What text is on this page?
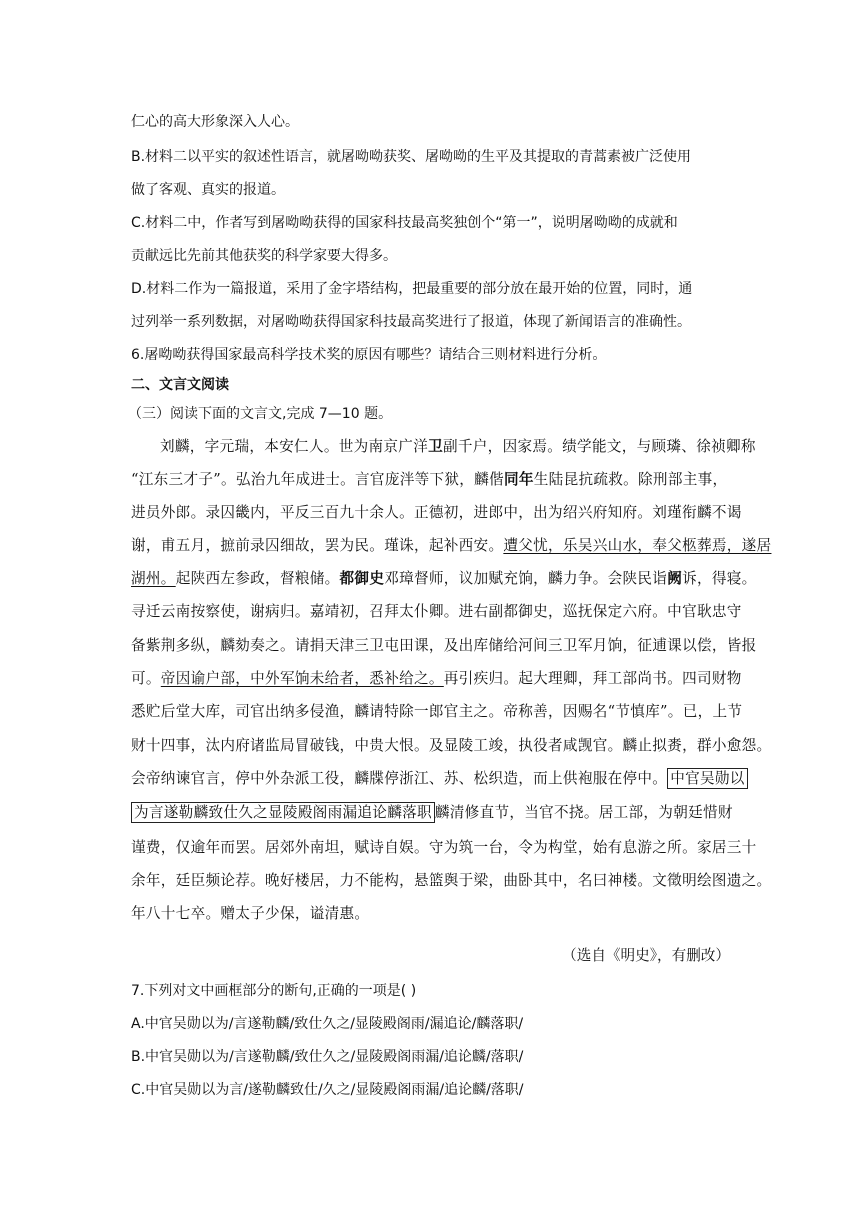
仁心的高大形象深入人心。
B.材料二以平实的叙述性语言，就屠呦呦获奖、屠呦呦的生平及其提取的青蒿素被广泛使用
做了客观、真实的报道。
C.材料二中，作者写到屠呦呦获得的国家科技最高奖独创个“第一”，说明屠呦呦的成就和
贡献远比先前其他获奖的科学家要大得多。
D.材料二作为一篇报道，采用了金字塔结构，把最重要的部分放在最开始的位置，同时，通
过列举一系列数据，对屠呦呦获得国家科技最高奖进行了报道，体现了新闻语言的准确性。
6.屠呦呦获得国家最高科学技术奖的原因有哪些？请结合三则材料进行分析。
二、文言文阅读
（三）阅读下面的文言文,完成 7—10 题。
刘麟，字元瑞，本安仁人。世为南京广洋卫副千户，因家焉。绩学能文，与顾璘、徐祯卿称
“江东三才子”。弘治九年成进士。言官庞泮等下狱，麟偕同年生陆昆抗疏救。除刑部主事，
进员外郎。录囚畿内，平反三百九十余人。正德初，进郎中，出为绍兴府知府。刘瑾衔麟不谒
谢，甫五月，摭前录囚细故，罢为民。瑾诛，起补西安。遭父忧，乐吴兴山水，奉父柩葬焉，遂居
湖州。起陕西左参政，督粮储。都御史邓璋督师，议加赋充饷，麟力争。会陕民诣阙诉，得寝。
寻迁云南按察使，谢病归。嘉靖初，召拜太仆卿。进右副都御史，巡抚保定六府。中官耿忠守
备紫荆多纵，麟劾奏之。请捐天津三卫屯田课，及出库储给河间三卫军月饷，征逋课以偿，皆报
可。帝因谕户部，中外军饷未给者，悉补给之。再引疾归。起大理卿，拜工部尚书。四司财物
悉贮后堂大库，司官出纳多侵渔，麟请特除一郎官主之。帝称善，因赐名“节慎库”。已，上节
财十四事，汰内府诸监局冒破钱，中贵大恨。及显陵工竣，执役者咸觊官。麟止拟赉，群小愈怨。
会帝纳谏官言，停中外杂派工役，麟牒停浙江、苏、松织造，而上供袍服在停中。 中官吴勋以
为言遂勒麟致仕久之显陵殿阁雨漏追论麟落职 麟清修直节，当官不挠。居工部，为朝廷惜财
谨费，仅逾年而罢。居郊外南坦，赋诗自娱。守为筑一台，令为构堂，始有息游之所。家居三十
余年，廷臣频论荐。晚好楼居，力不能构，悬篮舆于梁，曲卧其中，名曰神楼。文徵明绘图遗之。
年八十七卒。赠太子少保，谥清惠。
（选自《明史》，有删改）
7.下列对文中画框部分的断句,正确的一项是( )
A.中官吴勋以为/言遂勒麟/致仕久之/显陵殿阁雨/漏追论/麟落职/
B.中官吴勋以为/言遂勒麟/致仕久之/显陵殿阁雨漏/追论麟/落职/
C.中官吴勋以为言/遂勒麟致仕/久之/显陵殿阁雨漏/追论麟/落职/
